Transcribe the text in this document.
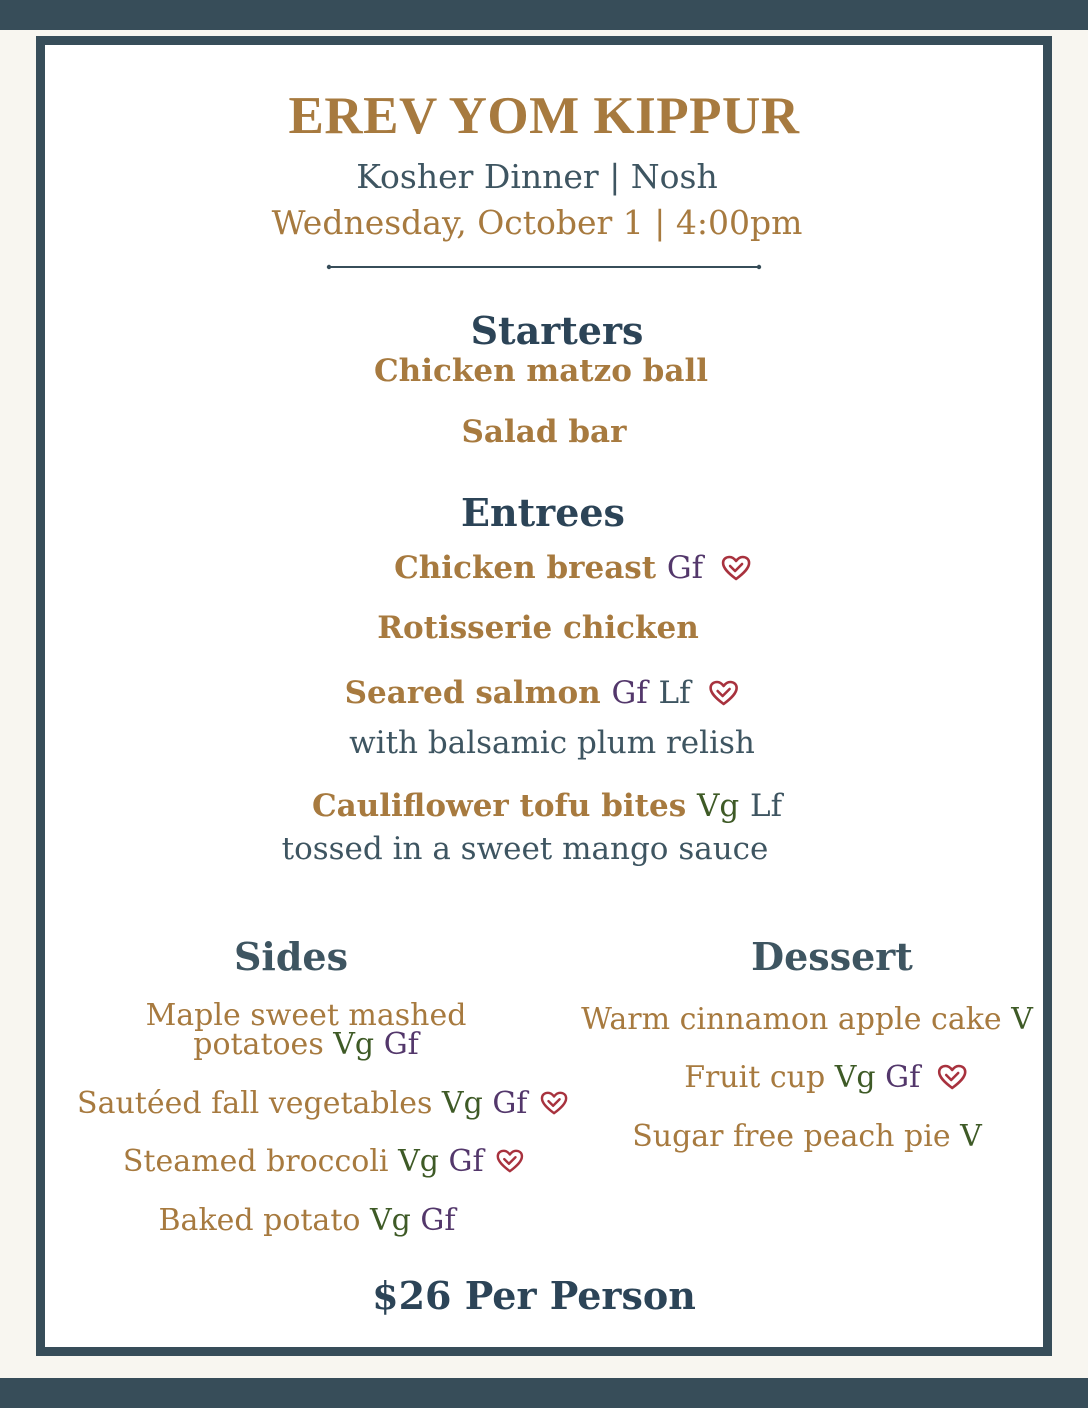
EREV YOM KIPPUR
Kosher Dinner | Nosh
Wednesday, October 1 | 4:00pm
Starters
Chicken matzo ball
Salad bar
Entrees
Chicken breast Gf
Rotisserie chicken
Seared salmon Gf Lf
with balsamic plum relish
Cauliflower tofu bites Vg Lf
tossed in a sweet mango sauce
Sides
Maple sweet mashed
potatoes Vg Gf
Sautéed fall vegetables Vg Gf
Steamed broccoli Vg Gf
Baked potato Vg Gf
Dessert
Warm cinnamon apple cake V
Fruit cup Vg Gf
Sugar free peach pie V
$26 Per Person
